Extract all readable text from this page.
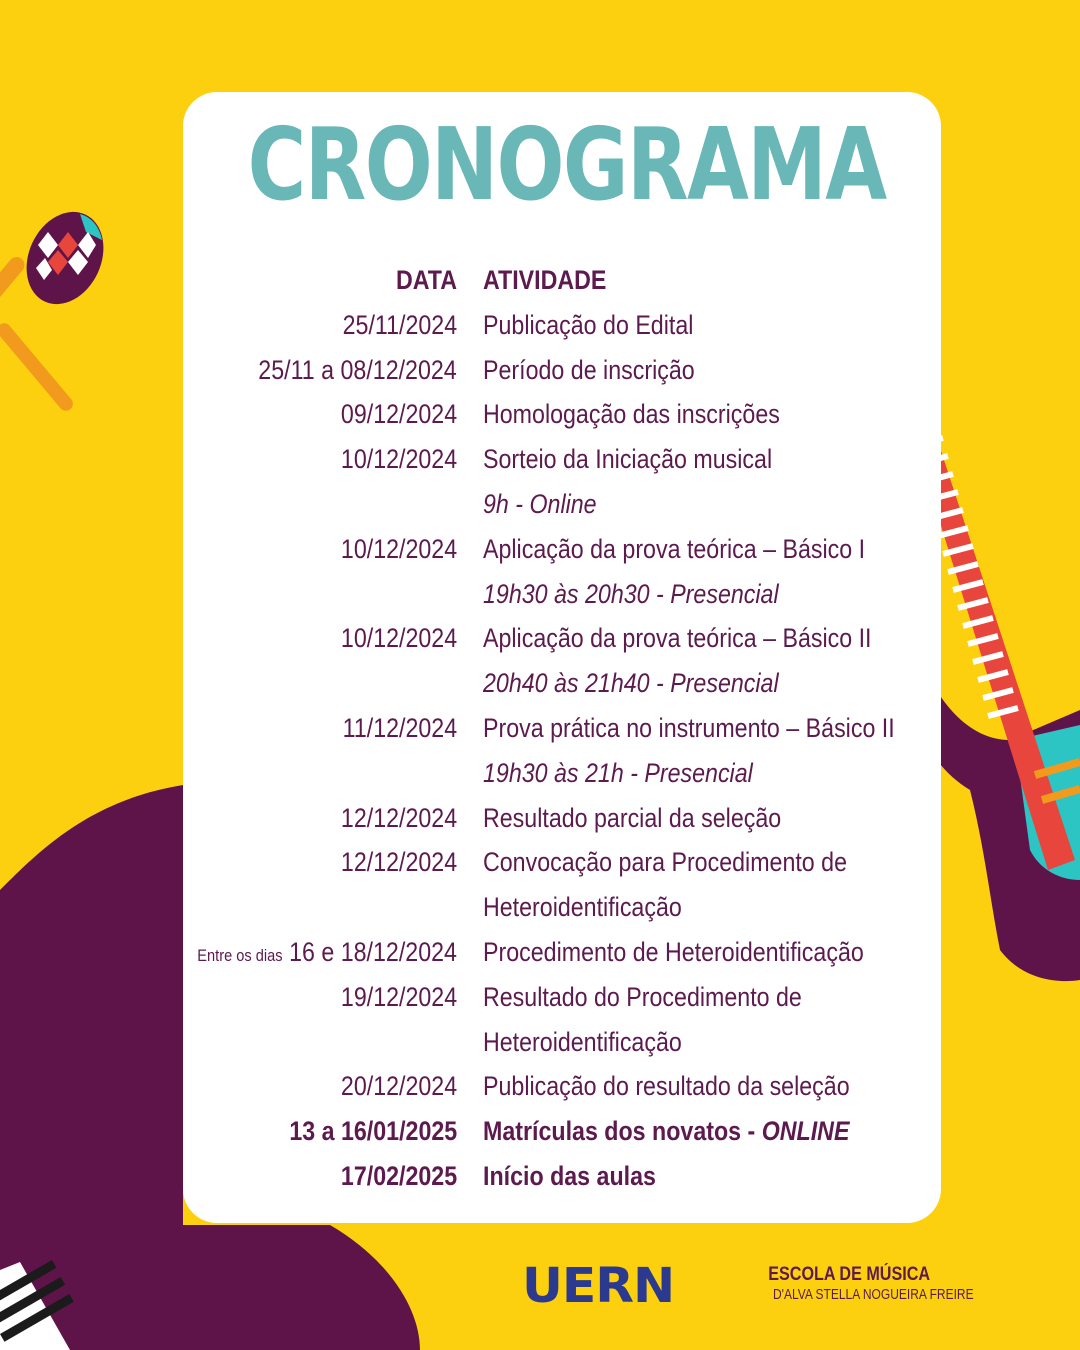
CRONOGRAMA
DATA ATIVIDADE
25/11/2024 Publicação do Edital
25/11 a 08/12/2024 Período de inscrição
09/12/2024 Homologação das inscrições
10/12/2024 Sorteio da Iniciação musical
9h - Online
10/12/2024 Aplicação da prova teórica – Básico I
19h30 às 20h30 - Presencial
10/12/2024 Aplicação da prova teórica – Básico II
20h40 às 21h40 - Presencial
11/12/2024 Prova prática no instrumento – Básico II
19h30 às 21h - Presencial
12/12/2024 Resultado parcial da seleção
12/12/2024 Convocação para Procedimento de
Heteroidentificação
Entre os dias 16 e 18/12/2024 Procedimento de Heteroidentificação
19/12/2024 Resultado do Procedimento de
Heteroidentificação
20/12/2024 Publicação do resultado da seleção
13 a 16/01/2025 Matrículas dos novatos - ONLINE
17/02/2025 Início das aulas
UERN	ESCOLA DE MÚSICA
D'ALVA STELLA NOGUEIRA FREIRE
